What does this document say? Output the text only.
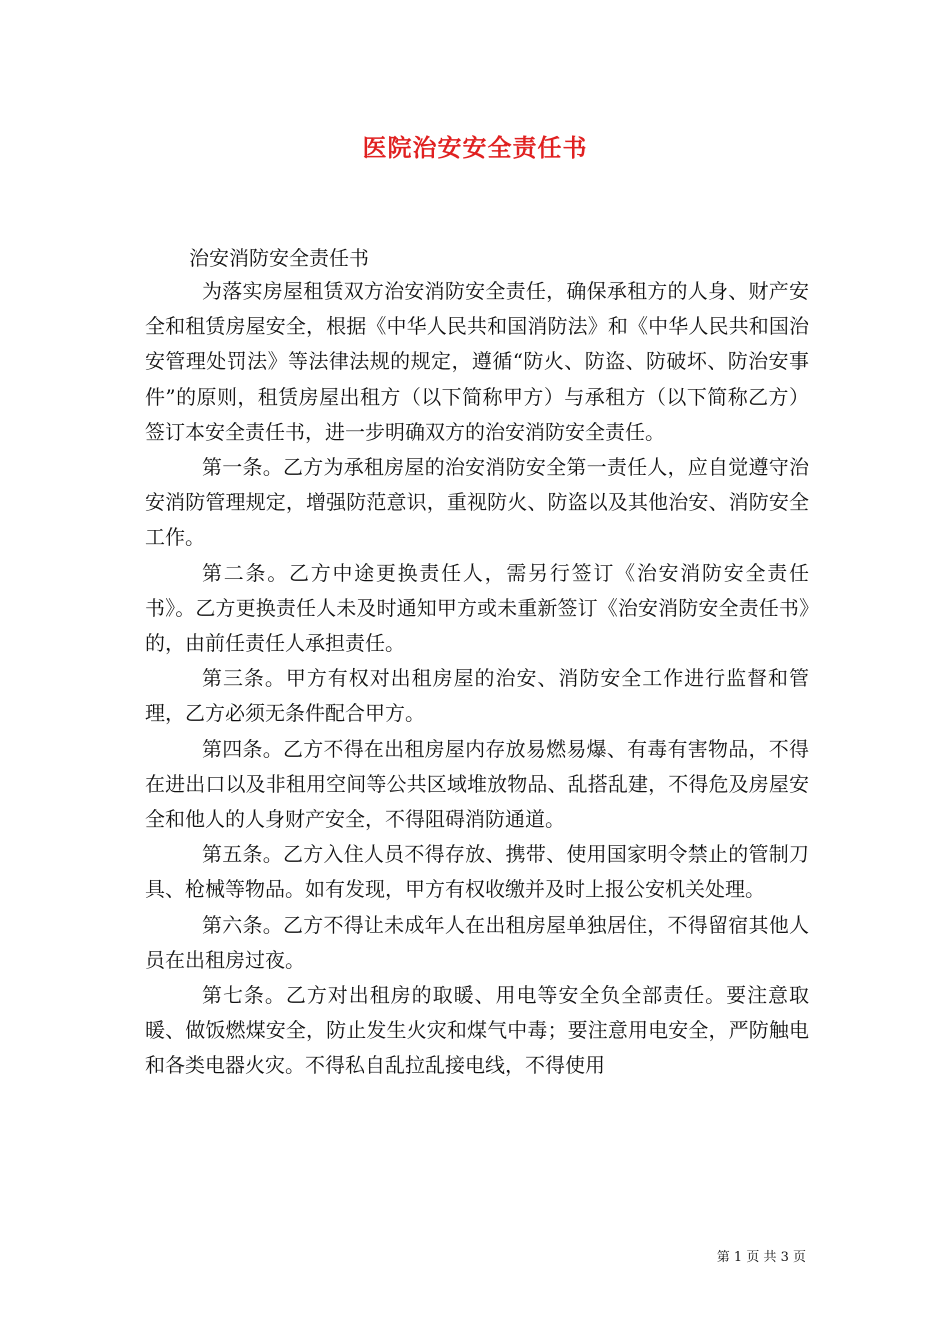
医院治安安全责任书

治安消防安全责任书

为落实房屋租赁双方治安消防安全责任，确保承租方的人身、财产安全和租赁房屋安全，根据《中华人民共和国消防法》和《中华人民共和国治安管理处罚法》等法律法规的规定，遵循“防火、防盗、防破坏、防治安事件”的原则，租赁房屋出租方（以下简称甲方）与承租方（以下简称乙方）签订本安全责任书，进一步明确双方的治安消防安全责任。

第一条。乙方为承租房屋的治安消防安全第一责任人，应自觉遵守治安消防管理规定，增强防范意识，重视防火、防盗以及其他治安、消防安全工作。

第二条。乙方中途更换责任人，需另行签订《治安消防安全责任书》。乙方更换责任人未及时通知甲方或未重新签订《治安消防安全责任书》的，由前任责任人承担责任。

第三条。甲方有权对出租房屋的治安、消防安全工作进行监督和管理，乙方必须无条件配合甲方。

第四条。乙方不得在出租房屋内存放易燃易爆、有毒有害物品，不得在进出口以及非租用空间等公共区域堆放物品、乱搭乱建，不得危及房屋安全和他人的人身财产安全，不得阻碍消防通道。

第五条。乙方入住人员不得存放、携带、使用国家明令禁止的管制刀具、枪械等物品。如有发现，甲方有权收缴并及时上报公安机关处理。

第六条。乙方不得让未成年人在出租房屋单独居住，不得留宿其他人员在出租房过夜。

第七条。乙方对出租房的取暖、用电等安全负全部责任。要注意取暖、做饭燃煤安全，防止发生火灾和煤气中毒；要注意用电安全，严防触电和各类电器火灾。不得私自乱拉乱接电线，不得使用

第 1 页 共 3 页
